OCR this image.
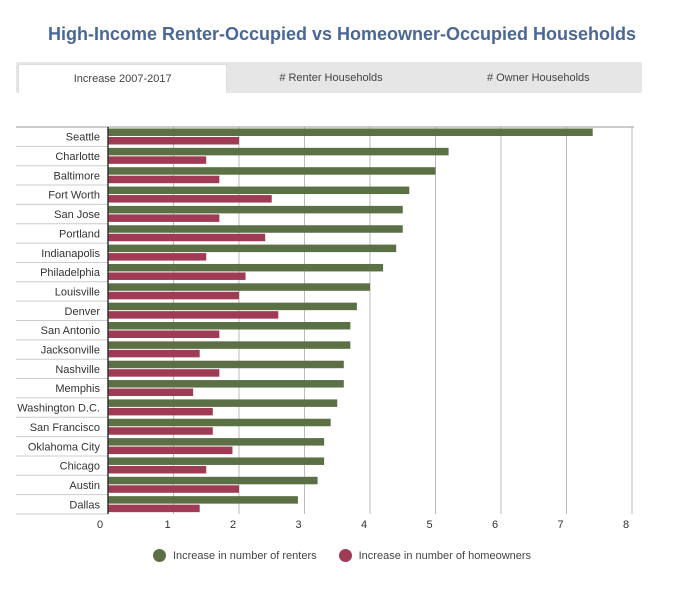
High-Income Renter-Occupied vs Homeowner-Occupied Households
Increase 2007-2017	# Renter Households	# Owner Households
Seattle
Charlotte
Baltimore
Fort Worth
San Jose
Portland
Indianapolis
Philadelphia
Louisville
Denver
San Antonio
Jacksonville
Nashville
Memphis
Washington D.C.
San Francisco
Oklahoma City
Chicago
Austin
Dallas
0	1	2	3	4	5	6	7	8
Increase in number of renters	Increase in number of homeowners
